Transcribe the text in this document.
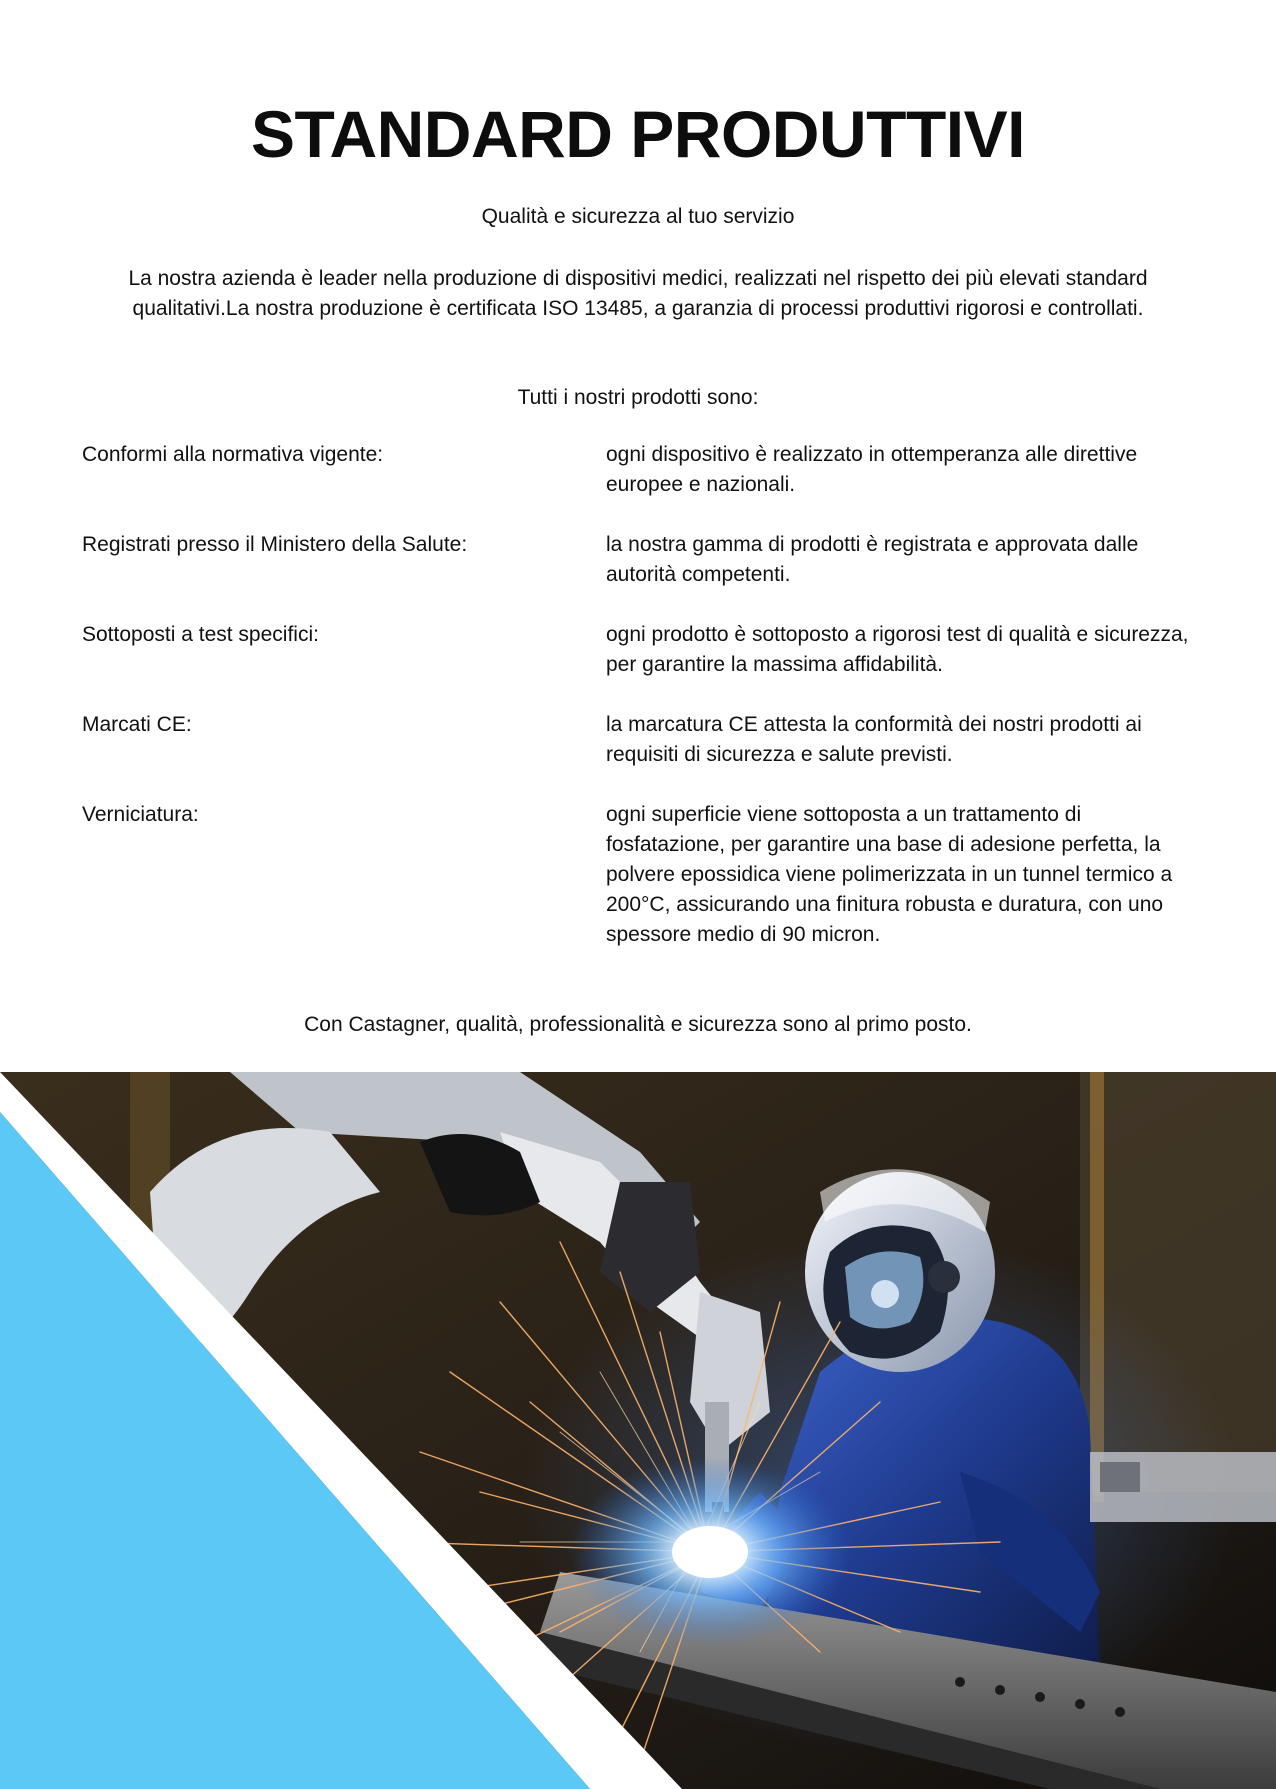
STANDARD PRODUTTIVI

Qualità e sicurezza al tuo servizio

La nostra azienda è leader nella produzione di dispositivi medici, realizzati nel rispetto dei più elevati standard qualitativi.La nostra produzione è certificata ISO 13485, a garanzia di processi produttivi rigorosi e controllati.

Tutti i nostri prodotti sono:

Conformi alla normativa vigente:	ogni dispositivo è realizzato in ottemperanza alle direttive europee e nazionali.
Registrati presso il Ministero della Salute:	la nostra gamma di prodotti è registrata e approvata dalle autorità competenti.
Sottoposti a test specifici:	ogni prodotto è sottoposto a rigorosi test di qualità e sicurezza, per garantire la massima affidabilità.
Marcati CE:	la marcatura CE attesta la conformità dei nostri prodotti ai requisiti di sicurezza e salute previsti.
Verniciatura:	ogni superficie viene sottoposta a un trattamento di fosfatazione, per garantire una base di adesione perfetta, la polvere epossidica viene polimerizzata in un tunnel termico a 200°C, assicurando una finitura robusta e duratura, con uno spessore medio di 90 micron.

Con Castagner, qualità, professionalità e sicurezza sono al primo posto.
